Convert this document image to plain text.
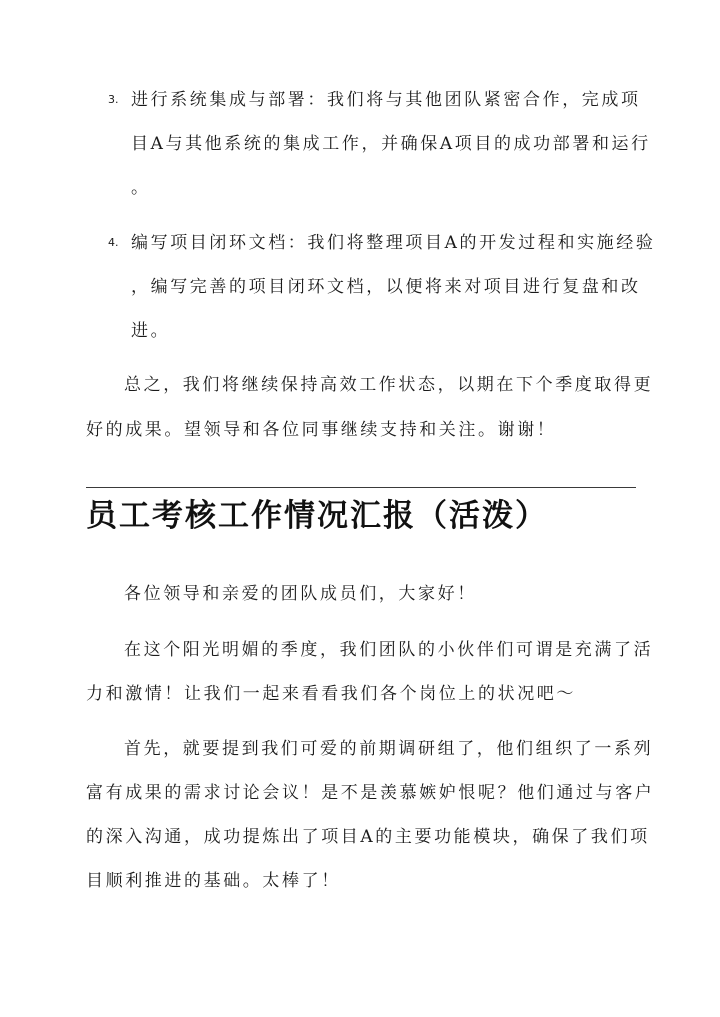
3. 进行系统集成与部署：我们将与其他团队紧密合作，完成项
目A与其他系统的集成工作，并确保A项目的成功部署和运行
。
4. 编写项目闭环文档：我们将整理项目A的开发过程和实施经验
，编写完善的项目闭环文档，以便将来对项目进行复盘和改
进。
总之，我们将继续保持高效工作状态，以期在下个季度取得更
好的成果。望领导和各位同事继续支持和关注。谢谢！
员工考核工作情况汇报（活泼）
各位领导和亲爱的团队成员们，大家好！
在这个阳光明媚的季度，我们团队的小伙伴们可谓是充满了活
力和激情！让我们一起来看看我们各个岗位上的状况吧～
首先，就要提到我们可爱的前期调研组了，他们组织了一系列
富有成果的需求讨论会议！是不是羡慕嫉妒恨呢？他们通过与客户
的深入沟通，成功提炼出了项目A的主要功能模块，确保了我们项
目顺利推进的基础。太棒了！
